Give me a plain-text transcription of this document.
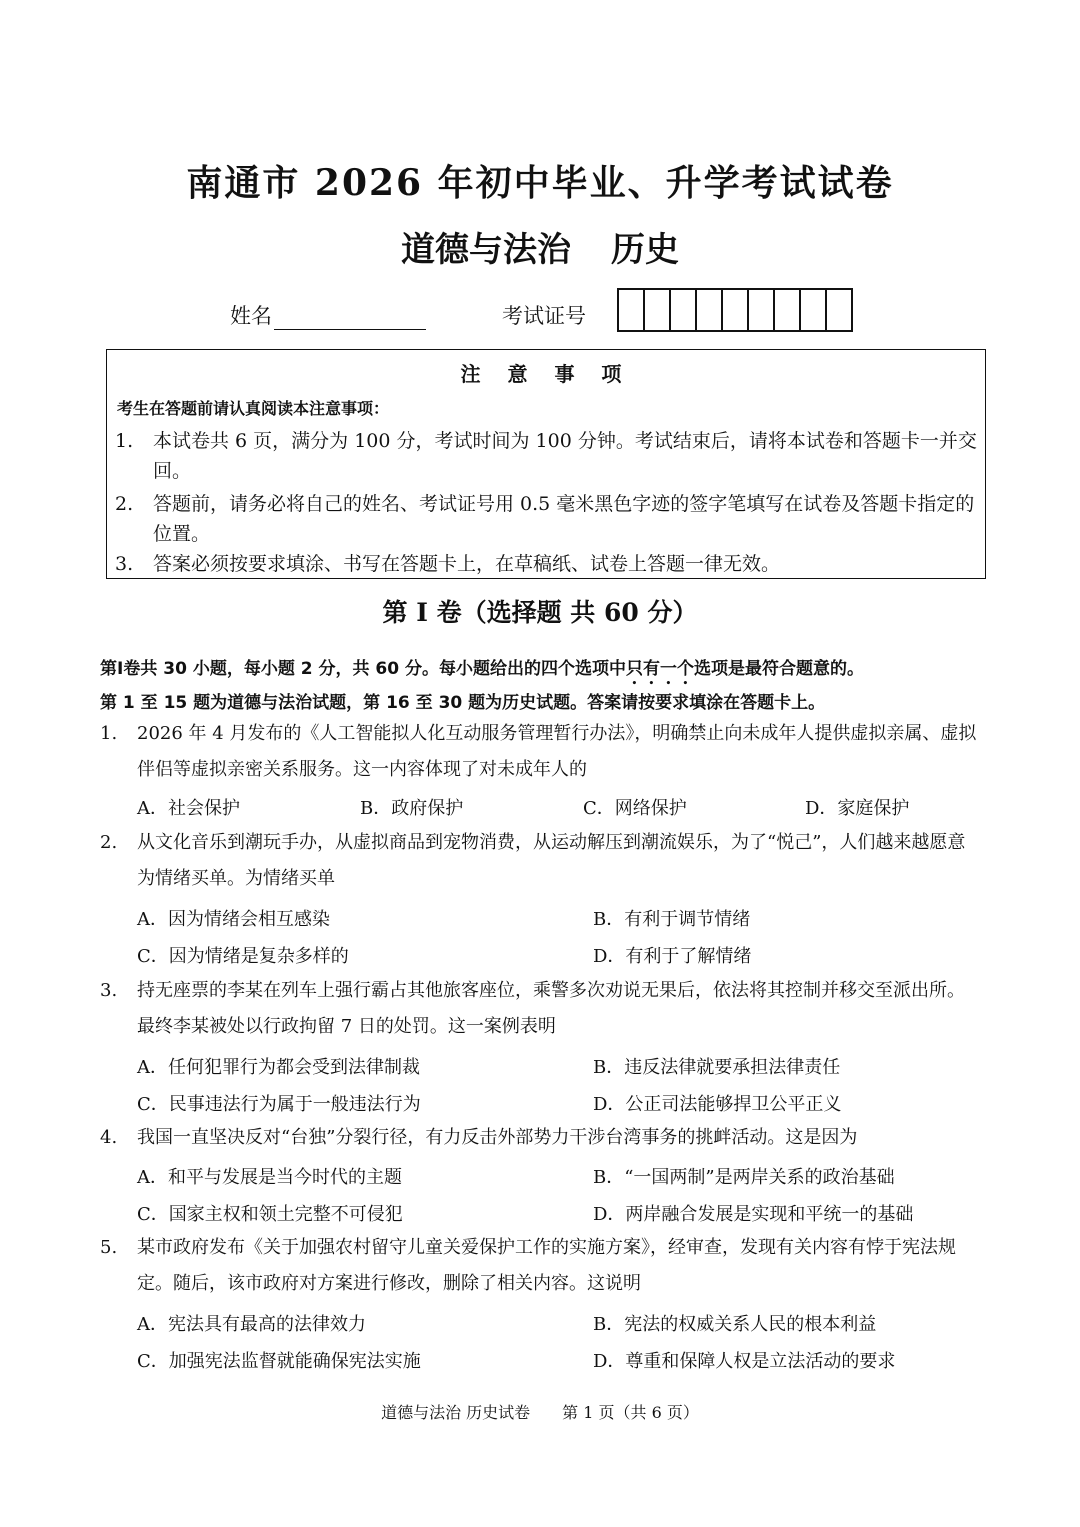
南通市 2026 年初中毕业、升学考试试卷
道德与法治 历史
姓名	考试证号
注 意 事 项
考生在答题前请认真阅读本注意事项：
1.	本试卷共 6 页，满分为 100 分，考试时间为 100 分钟。考试结束后，请将本试卷和答题卡一并交回。
2.	答题前，请务必将自己的姓名、考试证号用 0.5 毫米黑色字迹的签字笔填写在试卷及答题卡指定的位置。
3.	答案必须按要求填涂、书写在答题卡上，在草稿纸、试卷上答题一律无效。
第 I 卷（选择题 共 60 分）
第I卷共 30 小题，每小题 2 分，共 60 分。每小题给出的四个选项中只有一个选项是最符合题意的。
第 1 至 15 题为道德与法治试题，第 16 至 30 题为历史试题。答案请按要求填涂在答题卡上。
1.	2026 年 4 月发布的《人工智能拟人化互动服务管理暂行办法》，明确禁止向未成年人提供虚拟亲属、虚拟伴侣等虚拟亲密关系服务。这一内容体现了对未成年人的
A．社会保护	B．政府保护	C．网络保护	D．家庭保护
2.	从文化音乐到潮玩手办，从虚拟商品到宠物消费，从运动解压到潮流娱乐，为了“悦己”，人们越来越愿意为情绪买单。为情绪买单
A．因为情绪会相互感染	B．有利于调节情绪
C．因为情绪是复杂多样的	D．有利于了解情绪
3.	持无座票的李某在列车上强行霸占其他旅客座位，乘警多次劝说无果后，依法将其控制并移交至派出所。最终李某被处以行政拘留 7 日的处罚。这一案例表明
A．任何犯罪行为都会受到法律制裁	B．违反法律就要承担法律责任
C．民事违法行为属于一般违法行为	D．公正司法能够捍卫公平正义
4.	我国一直坚决反对“台独”分裂行径，有力反击外部势力干涉台湾事务的挑衅活动。这是因为
A．和平与发展是当今时代的主题	B．“一国两制”是两岸关系的政治基础
C．国家主权和领土完整不可侵犯	D．两岸融合发展是实现和平统一的基础
5.	某市政府发布《关于加强农村留守儿童关爱保护工作的实施方案》，经审查，发现有关内容有悖于宪法规定。随后，该市政府对方案进行修改，删除了相关内容。这说明
A．宪法具有最高的法律效力	B．宪法的权威关系人民的根本利益
C．加强宪法监督就能确保宪法实施	D．尊重和保障人权是立法活动的要求
道德与法治 历史试卷　　第 1 页（共 6 页）
